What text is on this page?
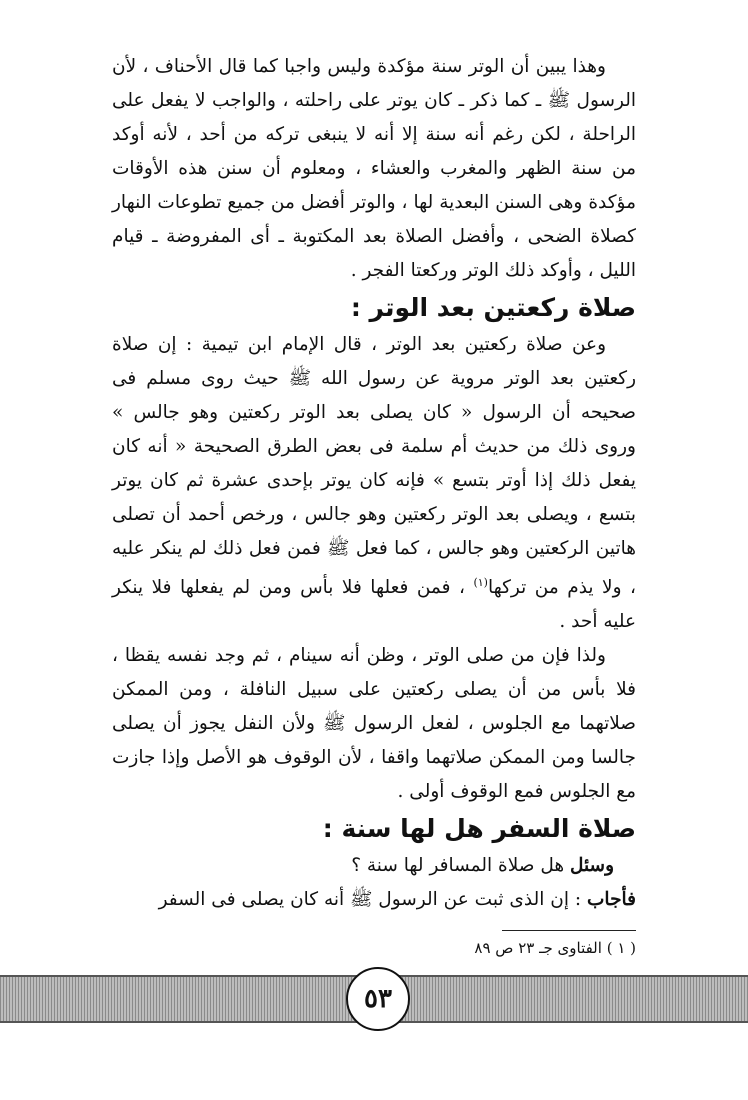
وهذا يبين أن الوتر سنة مؤكدة وليس واجبا كما قال الأحناف ، لأن الرسول ﷺ ـ كما ذكر ـ كان يوتر على راحلته ، والواجب لا يفعل على الراحلة ، لكن رغم أنه سنة إلا أنه لا ينبغى تركه من أحد ، لأنه أوكد من سنة الظهر والمغرب والعشاء ، ومعلوم أن سنن هذه الأوقات مؤكدة وهى السنن البعدية لها ، والوتر أفضل من جميع تطوعات النهار كصلاة الضحى ، وأفضل الصلاة بعد المكتوبة ـ أى المفروضة ـ قيام الليل ، وأوكد ذلك الوتر وركعتا الفجر .

صلاة ركعتين بعد الوتر :

وعن صلاة ركعتين بعد الوتر ، قال الإمام ابن تيمية : إن صلاة ركعتين بعد الوتر مروية عن رسول الله ﷺ حيث روى مسلم فى صحيحه أن الرسول « كان يصلى بعد الوتر ركعتين وهو جالس » وروى ذلك من حديث أم سلمة فى بعض الطرق الصحيحة « أنه كان يفعل ذلك إذا أوتر بتسع » فإنه كان يوتر بإحدى عشرة ثم كان يوتر بتسع ، ويصلى بعد الوتر ركعتين وهو جالس ، ورخص أحمد أن تصلى هاتين الركعتين وهو جالس ، كما فعل ﷺ فمن فعل ذلك لم ينكر عليه ، ولا يذم من تركها$^{(١)}$ ، فمن فعلها فلا بأس ومن لم يفعلها فلا ينكر عليه أحد .

ولذا فإن من صلى الوتر ، وظن أنه سينام ، ثم وجد نفسه يقظا ، فلا بأس من أن يصلى ركعتين على سبيل النافلة ، ومن الممكن صلاتهما مع الجلوس ، لفعل الرسول ﷺ ولأن النفل يجوز أن يصلى جالسا ومن الممكن صلاتهما واقفا ، لأن الوقوف هو الأصل وإذا جازت مع الجلوس فمع الوقوف أولى .

صلاة السفر هل لها سنة :

وسئل هل صلاة المسافر لها سنة ؟

فأجاب : إن الذى ثبت عن الرسول ﷺ أنه كان يصلى فى السفر

( ١ ) الفتاوى جـ ٢٣ ص ٨٩
٥٣
